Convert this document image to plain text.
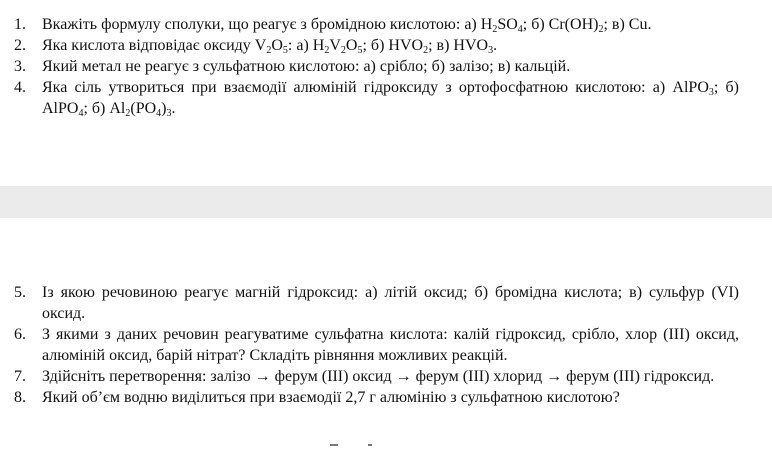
1. Вкажіть формулу сполуки, що реагує з бромідною кислотою: а) $H_2SO_4$; б) $Cr(OH)_2$; в) Cu.
2. Яка кислота відповідає оксиду $V_2O_5$: а) $H_2V_2O_5$; б) $HVO_2$; в) $HVO_3$.
3. Який метал не реагує з сульфатною кислотою: а) срібло; б) залізо; в) кальцій.
4. Яка сіль утвориться при взаємодії алюміній гідроксиду з ортофосфатною кислотою: а) AlPO$_3$; б) AlPO$_4$; б) $Al_2(PO_4)_3$.
5. Із якою речовиною реагує магній гідроксид: а) літій оксид; б) бромідна кислота; в) сульфур (VI) оксид.
6. З якими з даних речовин реагуватиме сульфатна кислота: калій гідроксид, срібло, хлор (III) оксид, алюміній оксид, барій нітрат? Складіть рівняння можливих реакцій.
7. Здійсніть перетворення: залізо → ферум (III) оксид → ферум (III) хлорид → ферум (III) гідроксид.
8. Який об’єм водню виділиться при взаємодії 2,7 г алюмінію з сульфатною кислотою?
